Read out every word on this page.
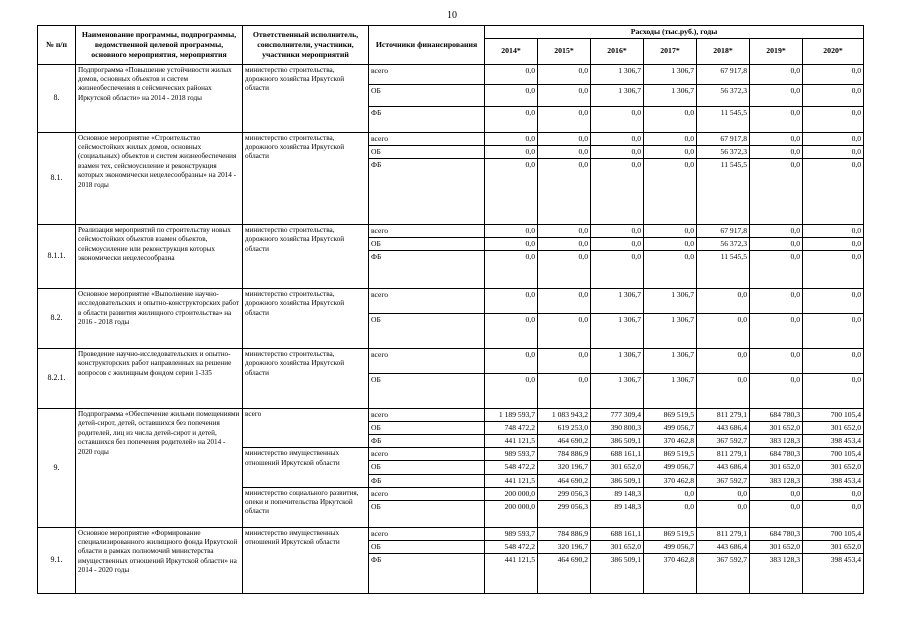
10
№ п/п	Наименование программы, подпрограммы, ведомственной целевой программы, основного мероприятия, мероприятия	Ответственный исполнитель, соисполнители, участники, участники мероприятий	Источники финансирования	Расходы (тыс.руб.), годы						
				2014*	2015*	2016*	2017*	2018*	2019*	2020*
8.	Подпрограмма «Повышение устойчивости жилых домов, основных объектов и систем жизнеобеспечения в сейсмических районах Иркутской области» на 2014 - 2018 годы	министерство строительства, дорожного хозяйства Иркутской области	всего	0,0	0,0	1 306,7	1 306,7	67 917,8	0,0	0,0
			ОБ	0,0	0,0	1 306,7	1 306,7	56 372,3	0,0	0,0
			ФБ	0,0	0,0	0,0	0,0	11 545,5	0,0	0,0
8.1.	Основное мероприятие «Строительство сейсмостойких жилых домов, основных (социальных) объектов и систем жизнеобеспечения взамен тех, сейсмоусиление и реконструкция которых экономически нецелесообразны» на 2014 - 2018 годы	министерство строительства, дорожного хозяйства Иркутской области	всего	0,0	0,0	0,0	0,0	67 917,8	0,0	0,0
			ОБ	0,0	0,0	0,0	0,0	56 372,3	0,0	0,0
			ФБ	0,0	0,0	0,0	0,0	11 545,5	0,0	0,0
8.1.1.	Реализация мероприятий по строительству новых сейсмостойких объектов взамен объектов, сейсмоусиление или реконструкция которых экономически нецелесообразна	министерство строительства, дорожного хозяйства Иркутской области	всего	0,0	0,0	0,0	0,0	67 917,8	0,0	0,0
			ОБ	0,0	0,0	0,0	0,0	56 372,3	0,0	0,0
			ФБ	0,0	0,0	0,0	0,0	11 545,5	0,0	0,0
8.2.	Основное мероприятие «Выполнение научно-исследовательских и опытно-конструкторских работ в области развития жилищного строительства» на 2016 - 2018 годы	министерство строительства, дорожного хозяйства Иркутской области	всего	0,0	0,0	1 306,7	1 306,7	0,0	0,0	0,0
			ОБ	0,0	0,0	1 306,7	1 306,7	0,0	0,0	0,0
8.2.1.	Проведение научно-исследовательских и опытно-конструкторских работ направленных на решение вопросов с жилищным фондом серии 1-335	министерство строительства, дорожного хозяйства Иркутской области	всего	0,0	0,0	1 306,7	1 306,7	0,0	0,0	0,0
			ОБ	0,0	0,0	1 306,7	1 306,7	0,0	0,0	0,0
9.	Подпрограмма «Обеспечение жильми помещениями детей-сирот, детей, оставшихся без попечения родителей, лиц из числа детей-сирот и детей, оставшихся без попечения родителей» на 2014 - 2020 годы	всего	всего	1 189 593,7	1 083 943,2	777 309,4	869 519,5	811 279,1	684 780,3	700 105,4
			ОБ	748 472,2	619 253,0	390 800,3	499 056,7	443 686,4	301 652,0	301 652,0
			ФБ	441 121,5	464 690,2	386 509,1	370 462,8	367 592,7	383 128,3	398 453,4
		министерство имущественных отношений Иркутской области	всего	989 593,7	784 886,9	688 161,1	869 519,5	811 279,1	684 780,3	700 105,4
			ОБ	548 472,2	320 196,7	301 652,0	499 056,7	443 686,4	301 652,0	301 652,0
			ФБ	441 121,5	464 690,2	386 509,1	370 462,8	367 592,7	383 128,3	398 453,4
		министерство социального развития, опеки и попечительства Иркутской области	всего	200 000,0	299 056,3	89 148,3	0,0	0,0	0,0	0,0
			ОБ	200 000,0	299 056,3	89 148,3	0,0	0,0	0,0	0,0
9.1.	Основное мероприятие «Формирование специализированного жилищного фонда Иркутской области в рамках полномочий министерства имущественных отношений Иркутской области» на 2014 - 2020 годы	министерство имущественных отношений Иркутской области	всего	989 593,7	784 886,9	688 161,1	869 519,5	811 279,1	684 780,3	700 105,4
			ОБ	548 472,2	320 196,7	301 652,0	499 056,7	443 686,4	301 652,0	301 652,0
			ФБ	441 121,5	464 690,2	386 509,1	370 462,8	367 592,7	383 128,3	398 453,4
